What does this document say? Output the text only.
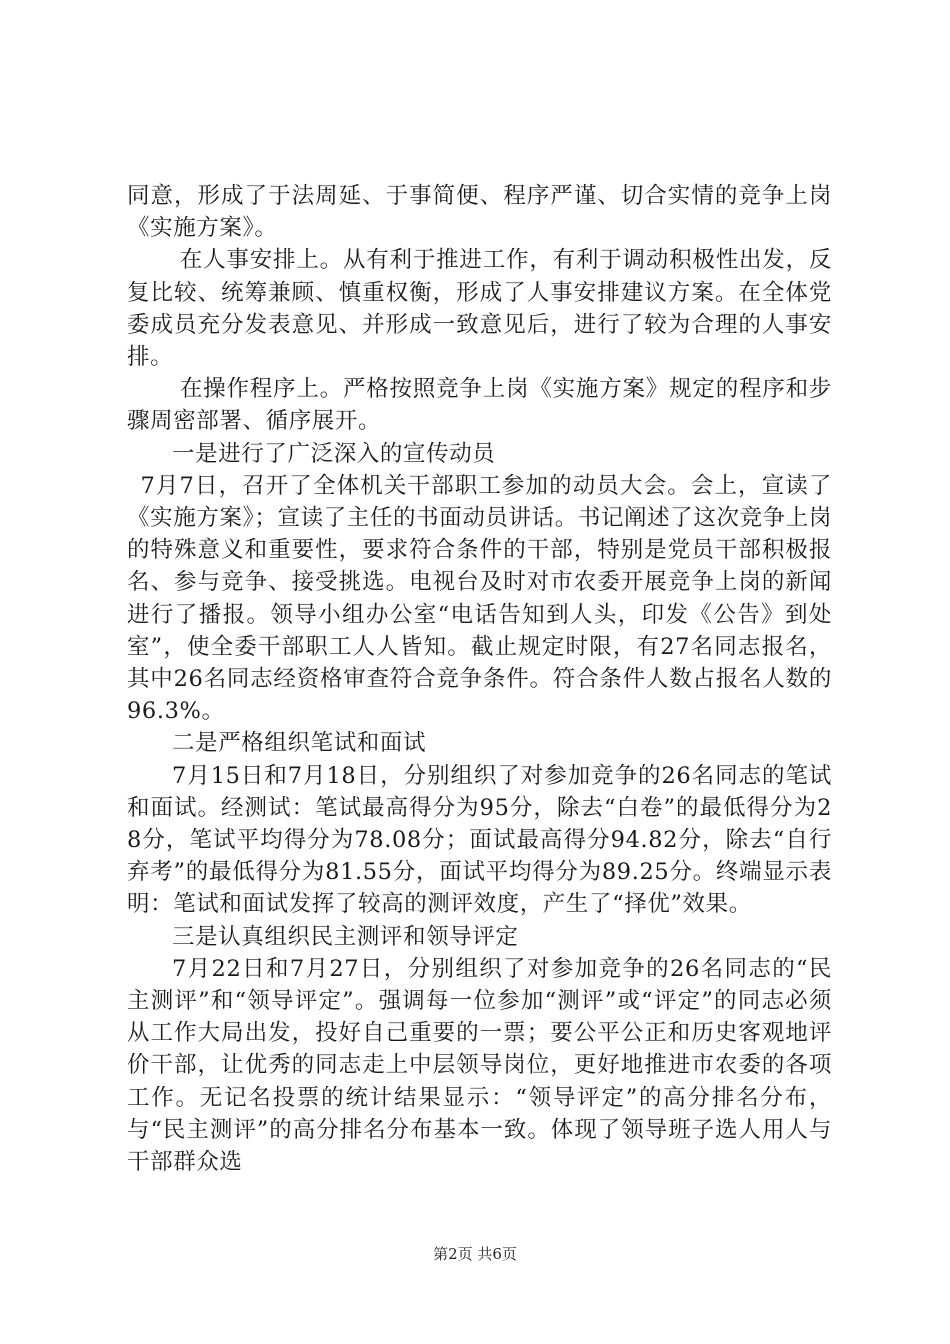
同意，形成了于法周延、于事简便、程序严谨、切合实情的竞争上岗《实施方案》。

在人事安排上。从有利于推进工作，有利于调动积极性出发，反复比较、统筹兼顾、慎重权衡，形成了人事安排建议方案。在全体党委成员充分发表意见、并形成一致意见后，进行了较为合理的人事安排。

在操作程序上。严格按照竞争上岗《实施方案》规定的程序和步骤周密部署、循序展开。

一是进行了广泛深入的宣传动员

7月7日，召开了全体机关干部职工参加的动员大会。会上，宣读了《实施方案》；宣读了主任的书面动员讲话。书记阐述了这次竞争上岗的特殊意义和重要性，要求符合条件的干部，特别是党员干部积极报名、参与竞争、接受挑选。电视台及时对市农委开展竞争上岗的新闻进行了播报。领导小组办公室“电话告知到人头，印发《公告》到处室”，使全委干部职工人人皆知。截止规定时限，有27名同志报名，其中26名同志经资格审查符合竞争条件。符合条件人数占报名人数的96.3%。

二是严格组织笔试和面试

7月15日和7月18日，分别组织了对参加竞争的26名同志的笔试和面试。经测试：笔试最高得分为95分，除去“白卷”的最低得分为28分，笔试平均得分为78.08分；面试最高得分94.82分，除去“自行弃考”的最低得分为81.55分，面试平均得分为89.25分。终端显示表明：笔试和面试发挥了较高的测评效度，产生了“择优”效果。

三是认真组织民主测评和领导评定

7月22日和7月27日，分别组织了对参加竞争的26名同志的“民主测评”和“领导评定”。强调每一位参加“测评”或“评定”的同志必须从工作大局出发，投好自己重要的一票；要公平公正和历史客观地评价干部，让优秀的同志走上中层领导岗位，更好地推进市农委的各项工作。无记名投票的统计结果显示：“领导评定”的高分排名分布，与“民主测评”的高分排名分布基本一致。体现了领导班子选人用人与干部群众选

第2页 共6页
